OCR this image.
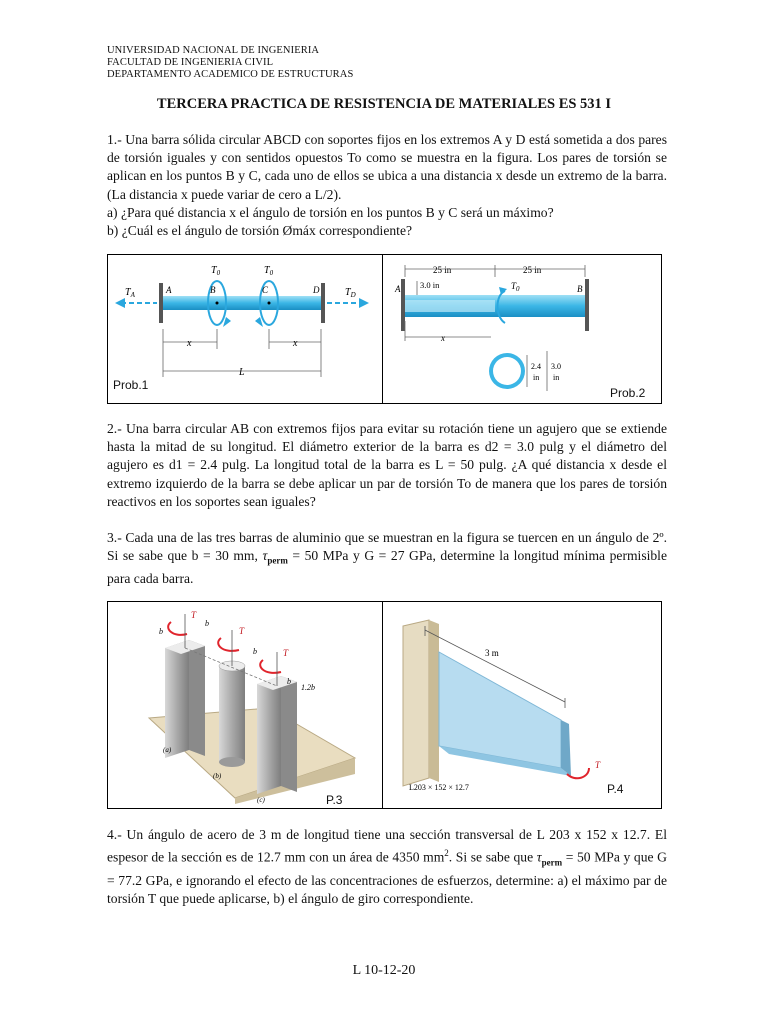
UNIVERSIDAD NACIONAL DE INGENIERIA
FACULTAD DE INGENIERIA CIVIL
DEPARTAMENTO ACADEMICO DE ESTRUCTURAS
TERCERA PRACTICA DE RESISTENCIA DE MATERIALES ES 531 I

1.- Una barra sólida circular ABCD con soportes fijos en los extremos A y D está sometida a dos pares de torsión iguales y con sentidos opuestos To como se muestra en la figura. Los pares de torsión se aplican en los puntos B y C, cada uno de ellos se ubica a una distancia x desde un extremo de la barra. (La distancia x puede variar de cero a L/2).

a) ¿Para qué distancia x el ángulo de torsión en los puntos B y C será un máximo?

b) ¿Cuál es el ángulo de torsión Ømáx correspondiente?

$T_A$	$T_D$
$T_0$	$T_0$
A	B	C	D
x	x
L
Prob.1
25 in	25 in
3.0 in
A	B
$T_0$
x
2.4
in
3.0
in
Prob.2

2.- Una barra circular AB con extremos fijos para evitar su rotación tiene un agujero que se extiende hasta la mitad de su longitud. El diámetro exterior de la barra es d2 = 3.0 pulg y el diámetro del agujero es d1 = 2.4 pulg. La longitud total de la barra es L = 50 pulg. ¿A qué distancia x desde el extremo izquierdo de la barra se debe aplicar un par de torsión To de manera que los pares de torsión reactivos en los soportes sean iguales?

3.- Cada una de las tres barras de aluminio que se muestran en la figura se tuercen en un ángulo de 2º. Si se sabe que b = 30 mm, $\tau_{perm} = 50$ MPa y G = 27 GPa, determine la longitud mínima permisible para cada barra.

T
T
T
b
b
b
b
1.2b
(a)
(b)
(c)	P.3
3 m
T
L203 × 152 × 12.7	P.4

4.- Un ángulo de acero de 3 m de longitud tiene una sección transversal de L 203 x 152 x 12.7. El espesor de la sección es de 12.7 mm con un área de 4350 $mm^2$. Si se sabe que $\tau_{perm} = 50$ MPa y que G = 77.2 GPa, e ignorando el efecto de las concentraciones de esfuerzos, determine: a) el máximo par de torsión T que puede aplicarse, b) el ángulo de giro correspondiente.

L 10-12-20
